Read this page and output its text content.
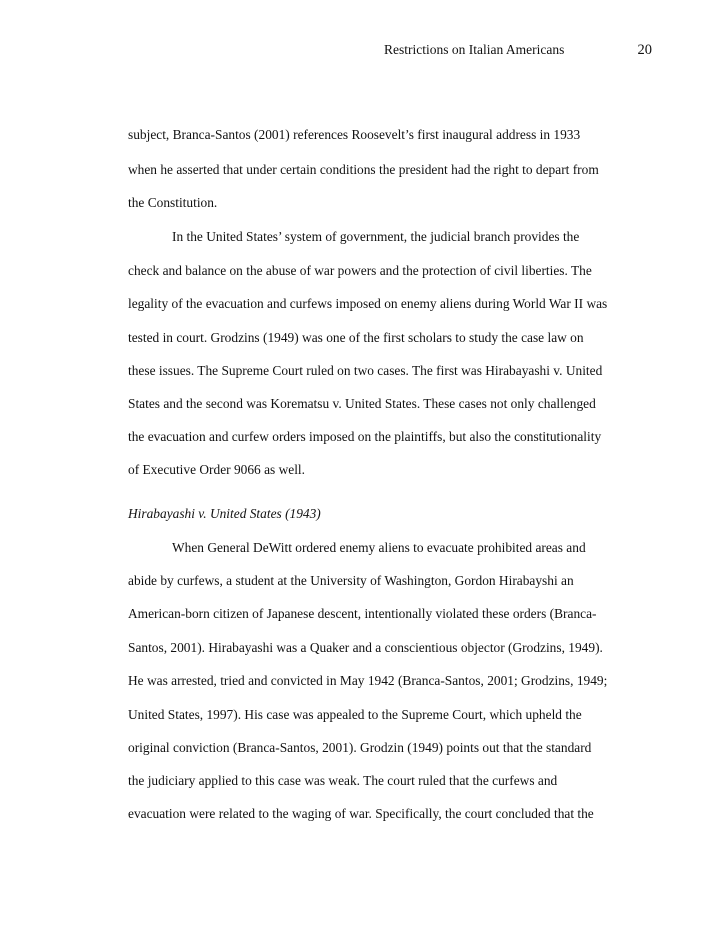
Restrictions on Italian Americans	20
subject, Branca-Santos (2001) references Roosevelt’s first inaugural address in 1933
when he asserted that under certain conditions the president had the right to depart from
the Constitution.
In the United States’ system of government, the judicial branch provides the
check and balance on the abuse of war powers and the protection of civil liberties. The
legality of the evacuation and curfews imposed on enemy aliens during World War II was
tested in court. Grodzins (1949) was one of the first scholars to study the case law on
these issues. The Supreme Court ruled on two cases. The first was Hirabayashi v. United
States and the second was Korematsu v. United States. These cases not only challenged
the evacuation and curfew orders imposed on the plaintiffs, but also the constitutionality
of Executive Order 9066 as well.
Hirabayashi v. United States (1943)
When General DeWitt ordered enemy aliens to evacuate prohibited areas and
abide by curfews, a student at the University of Washington, Gordon Hirabayshi an
American-born citizen of Japanese descent, intentionally violated these orders (Branca-
Santos, 2001). Hirabayashi was a Quaker and a conscientious objector (Grodzins, 1949).
He was arrested, tried and convicted in May 1942 (Branca-Santos, 2001; Grodzins, 1949;
United States, 1997). His case was appealed to the Supreme Court, which upheld the
original conviction (Branca-Santos, 2001). Grodzin (1949) points out that the standard
the judiciary applied to this case was weak. The court ruled that the curfews and
evacuation were related to the waging of war. Specifically, the court concluded that the
